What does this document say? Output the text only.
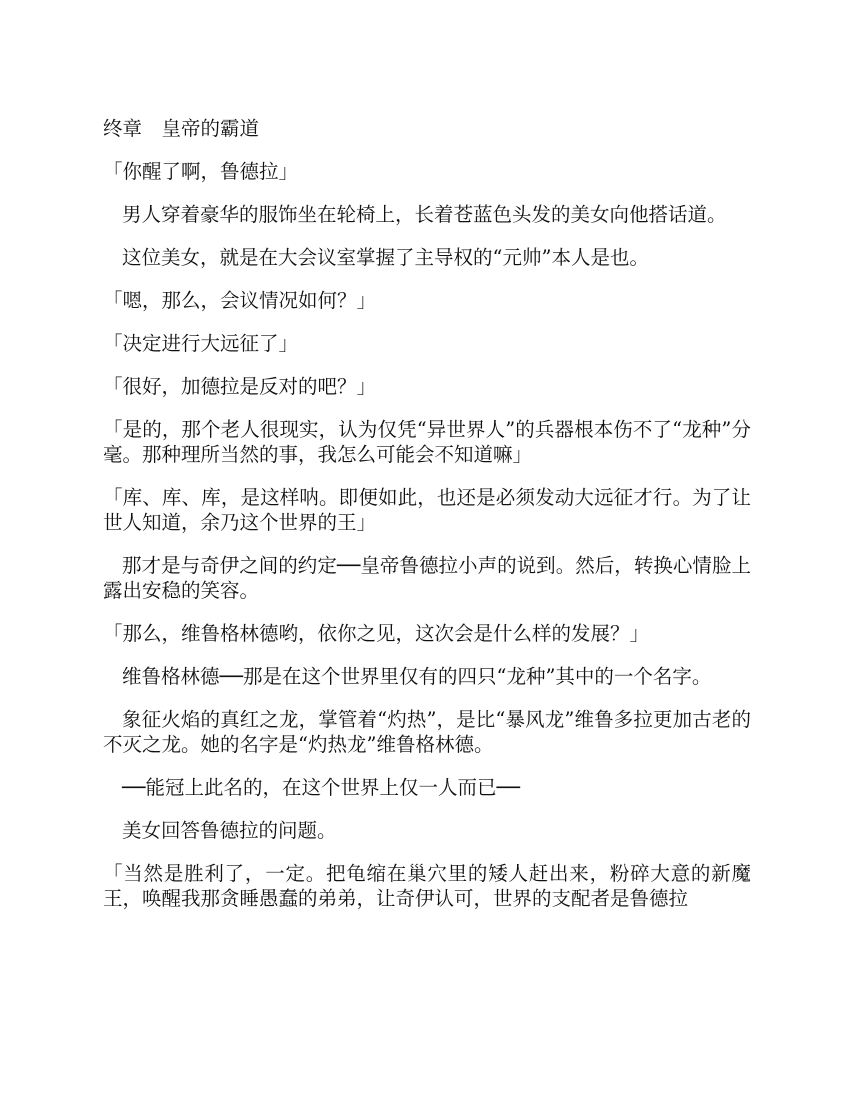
终章　皇帝的霸道

「你醒了啊，鲁德拉」

男人穿着豪华的服饰坐在轮椅上，长着苍蓝色头发的美女向他搭话道。

这位美女，就是在大会议室掌握了主导权的“元帅”本人是也。

「嗯，那么，会议情况如何？」

「决定进行大远征了」

「很好，加德拉是反对的吧？」

「是的，那个老人很现实，认为仅凭“异世界人”的兵器根本伤不了“龙种”分毫。那种理所当然的事，我怎么可能会不知道嘛」

「库、库、库，是这样呐。即便如此，也还是必须发动大远征才行。为了让世人知道，余乃这个世界的王」

那才是与奇伊之间的约定──皇帝鲁德拉小声的说到。然后，转换心情脸上露出安稳的笑容。

「那么，维鲁格林德哟，依你之见，这次会是什么样的发展？」

维鲁格林德──那是在这个世界里仅有的四只“龙种”其中的一个名字。

象征火焰的真红之龙，掌管着“灼热”，是比“暴风龙”维鲁多拉更加古老的不灭之龙。她的名字是“灼热龙”维鲁格林德。

──能冠上此名的，在这个世界上仅一人而已──

美女回答鲁德拉的问题。

「当然是胜利了，一定。把龟缩在巢穴里的矮人赶出来，粉碎大意的新魔王，唤醒我那贪睡愚蠢的弟弟，让奇伊认可，世界的支配者是鲁德拉
